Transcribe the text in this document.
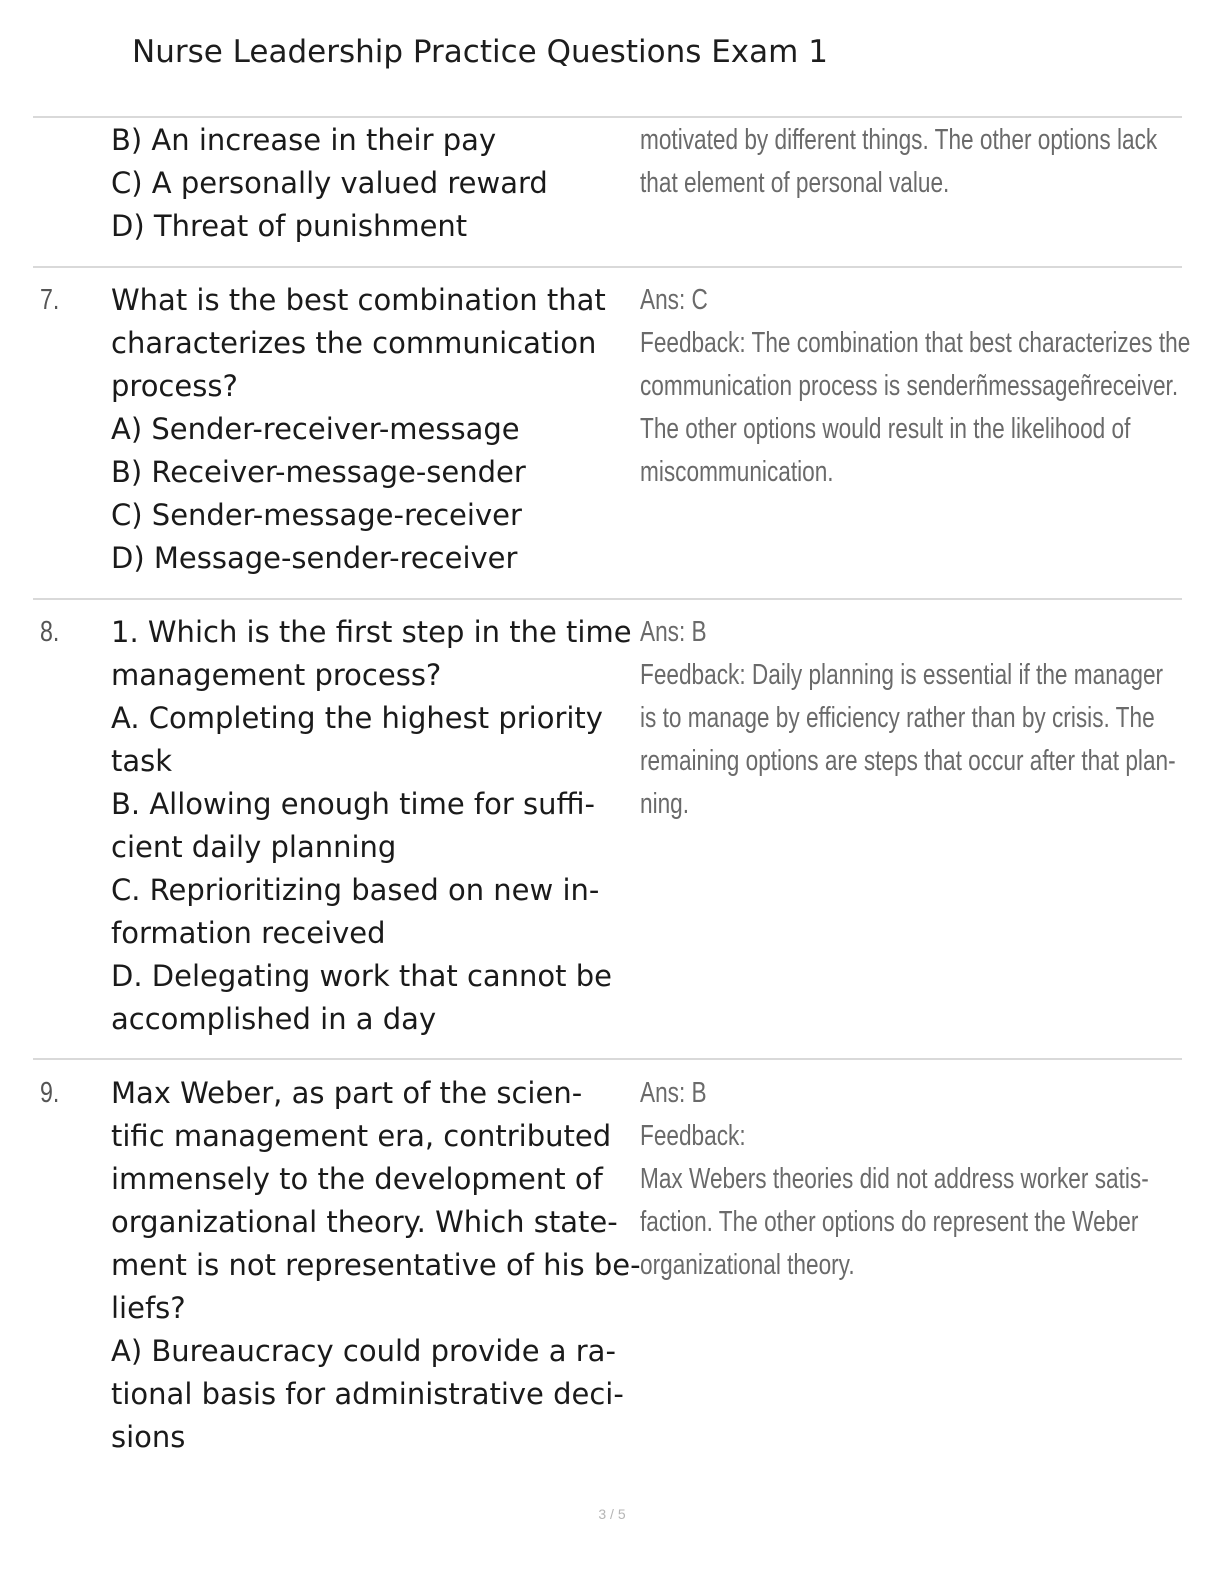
Nurse Leadership Practice Questions Exam 1
B) An increase in their pay
C) A personally valued reward
D) Threat of punishment
motivated by different things. The other options lack
that element of personal value.
7. What is the best combination that
characterizes the communication
process?
A) Sender-receiver-message
B) Receiver-message-sender
C) Sender-message-receiver
D) Message-sender-receiver
Ans: C
Feedback: The combination that best characterizes the
communication process is senderñmessageñreceiver.
The other options would result in the likelihood of
miscommunication.
8. 1. Which is the first step in the time
management process?
A. Completing the highest priority
task
B. Allowing enough time for suffi-
cient daily planning
C. Reprioritizing based on new in-
formation received
D. Delegating work that cannot be
accomplished in a day
Ans: B
Feedback: Daily planning is essential if the manager
is to manage by efficiency rather than by crisis. The
remaining options are steps that occur after that plan-
ning.
9. Max Weber, as part of the scien-
tific management era, contributed
immensely to the development of
organizational theory. Which state-
ment is not representative of his be-
liefs?
A) Bureaucracy could provide a ra-
tional basis for administrative deci-
sions
Ans: B
Feedback:
Max Webers theories did not address worker satis-
faction. The other options do represent the Weber
organizational theory.
3 / 5
